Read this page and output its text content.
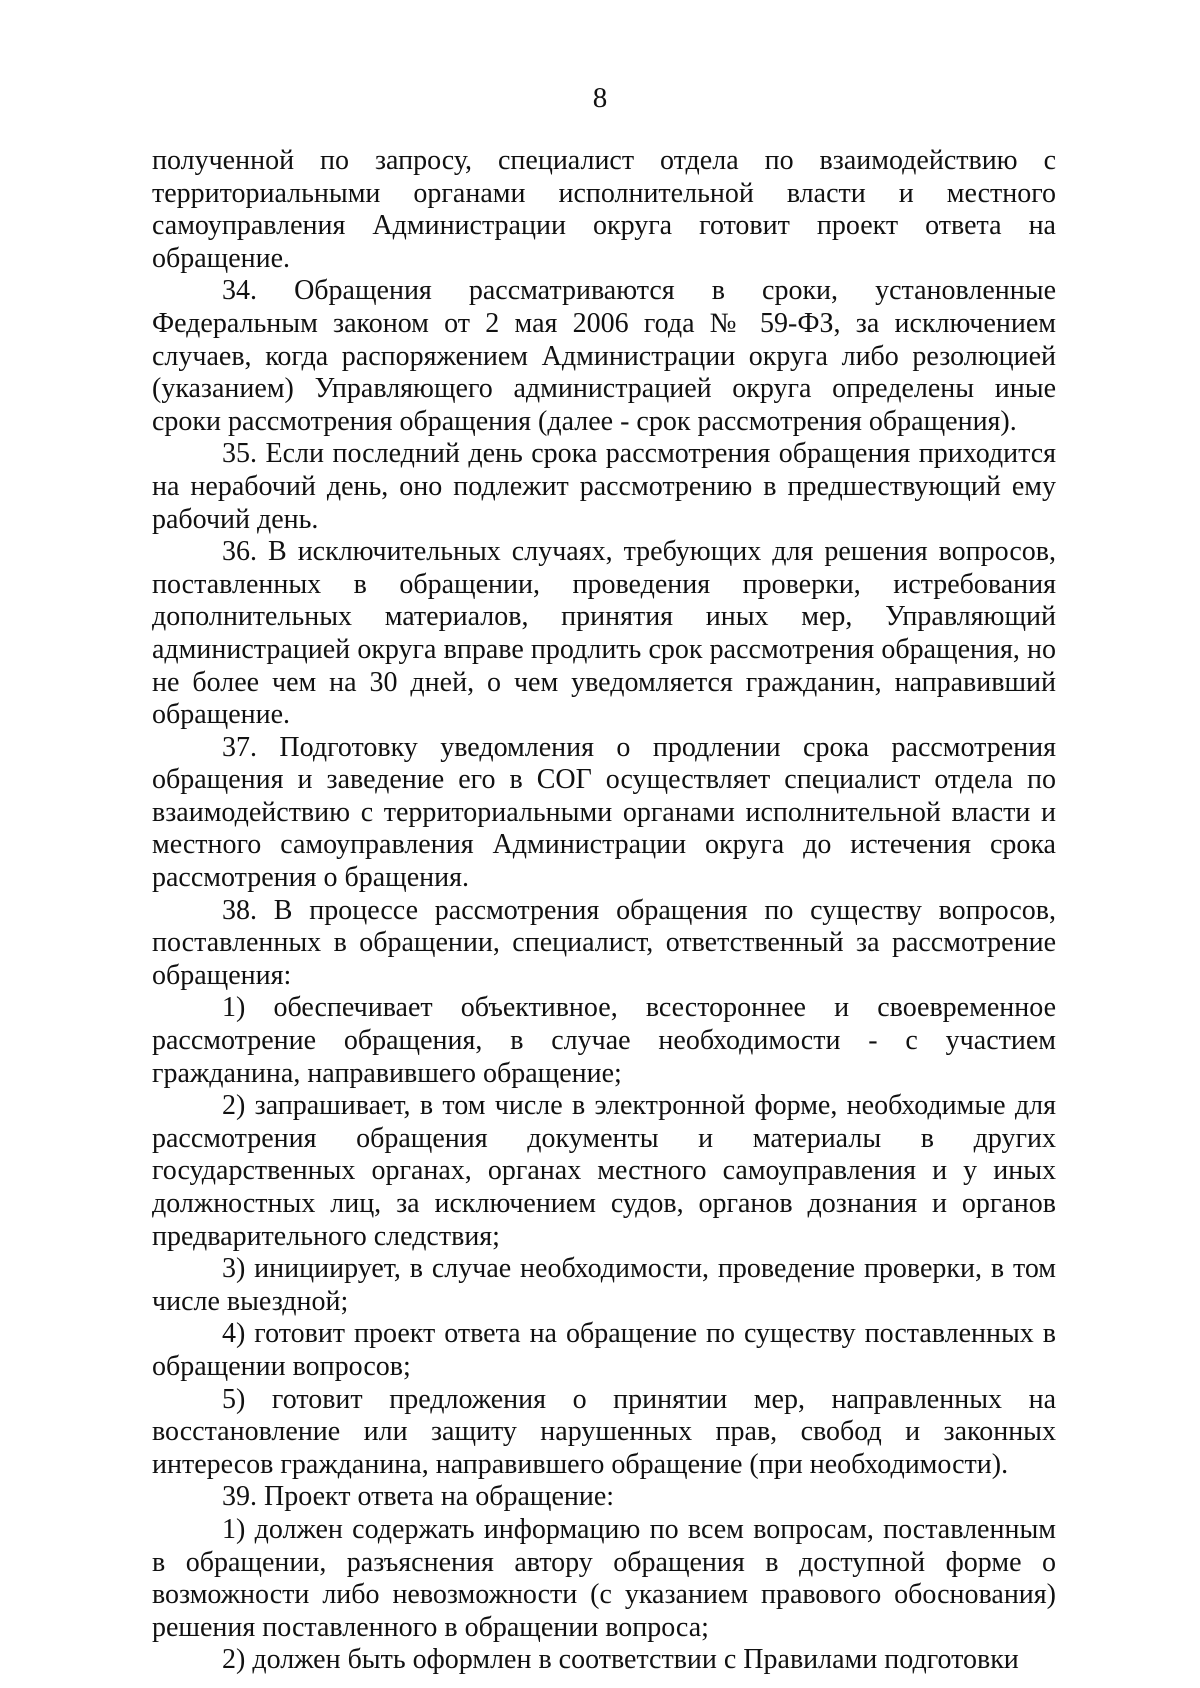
8

полученной по запросу, специалист отдела по взаимодействию с территориальными органами исполнительной власти и местного самоуправления Администрации округа готовит проект ответа на обращение.

34. Обращения рассматриваются в сроки, установленные Федеральным законом от 2 мая 2006 года № 59-ФЗ, за исключением случаев, когда распоряжением Администрации округа либо резолюцией (указанием) Управляющего администрацией округа определены иные сроки рассмотрения обращения (далее - срок рассмотрения обращения).

35. Если последний день срока рассмотрения обращения приходится на нерабочий день, оно подлежит рассмотрению в предшествующий ему рабочий день.

36. В исключительных случаях, требующих для решения вопросов, поставленных в обращении, проведения проверки, истребования дополнительных материалов, принятия иных мер, Управляющий администрацией округа вправе продлить срок рассмотрения обращения, но не более чем на 30 дней, о чем уведомляется гражданин, направивший обращение.

37. Подготовку уведомления о продлении срока рассмотрения обращения и заведение его в СОГ осуществляет специалист отдела по взаимодействию с территориальными органами исполнительной власти и местного самоуправления Администрации округа до истечения срока рассмотрения о бращения.

38. В процессе рассмотрения обращения по существу вопросов, поставленных в обращении, специалист, ответственный за рассмотрение обращения:

1) обеспечивает объективное, всестороннее и своевременное рассмотрение обращения, в случае необходимости - с участием гражданина, направившего обращение;

2) запрашивает, в том числе в электронной форме, необходимые для рассмотрения обращения документы и материалы в других государственных органах, органах местного самоуправления и у иных должностных лиц, за исключением судов, органов дознания и органов предварительного следствия;

3) инициирует, в случае необходимости, проведение проверки, в том числе выездной;

4) готовит проект ответа на обращение по существу поставленных в обращении вопросов;

5) готовит предложения о принятии мер, направленных на восстановление или защиту нарушенных прав, свобод и законных интересов гражданина, направившего обращение (при необходимости).

39. Проект ответа на обращение:

1) должен содержать информацию по всем вопросам, поставленным в обращении, разъяснения автору обращения в доступной форме о возможности либо невозможности (с указанием правового обоснования) решения поставленного в обращении вопроса;

2) должен быть оформлен в соответствии с Правилами подготовки
